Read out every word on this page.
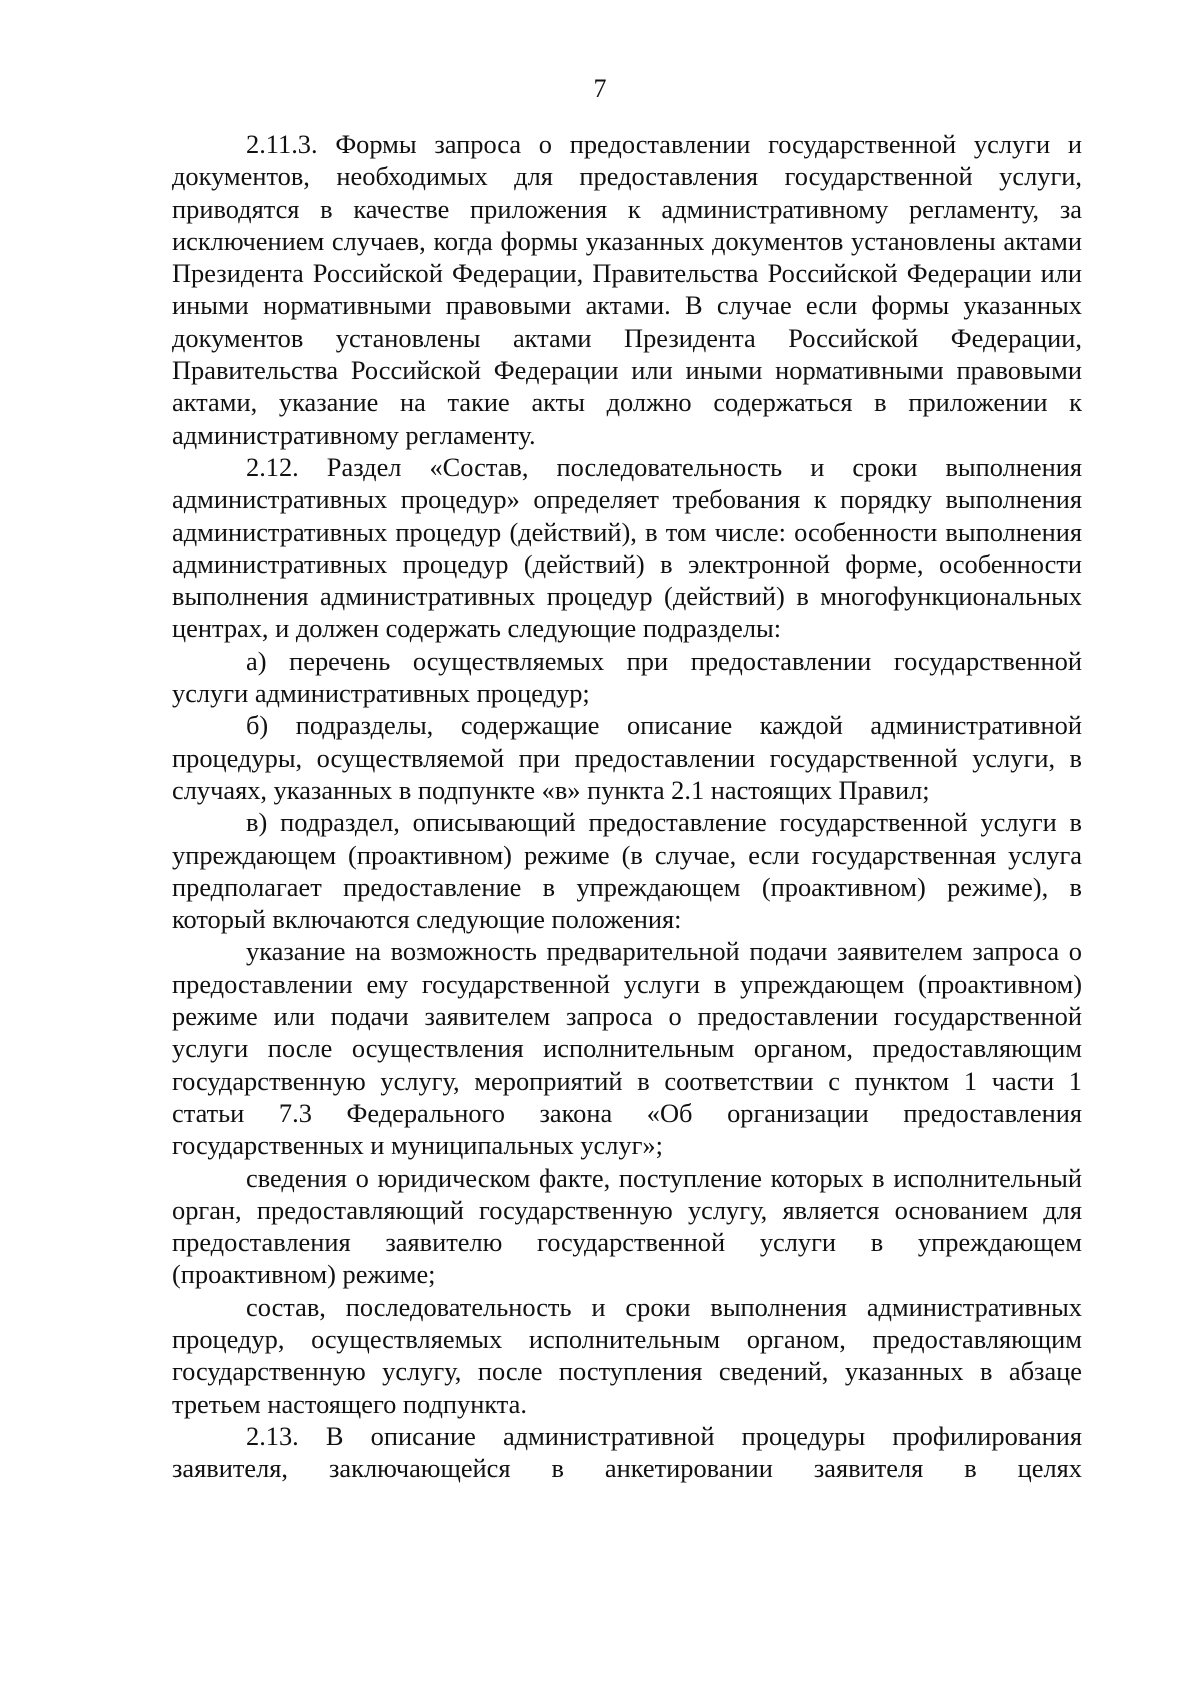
7

2.11.3. Формы запроса о предоставлении государственной услуги и документов, необходимых для предоставления государственной услуги, приводятся в качестве приложения к административному регламенту, за исключением случаев, когда формы указанных документов установлены актами Президента Российской Федерации, Правительства Российской Федерации или иными нормативными правовыми актами. В случае если формы указанных документов установлены актами Президента Российской Федерации, Правительства Российской Федерации или иными нормативными правовыми актами, указание на такие акты должно содержаться в приложении к административному регламенту.

2.12. Раздел «Состав, последовательность и сроки выполнения административных процедур» определяет требования к порядку выполнения административных процедур (действий), в том числе: особенности выполнения административных процедур (действий) в электронной форме, особенности выполнения административных процедур (действий) в многофункциональных центрах, и должен содержать следующие подразделы:

а) перечень осуществляемых при предоставлении государственной услуги административных процедур;

б) подразделы, содержащие описание каждой административной процедуры, осуществляемой при предоставлении государственной услуги, в случаях, указанных в подпункте «в» пункта 2.1 настоящих Правил;

в) подраздел, описывающий предоставление государственной услуги в упреждающем (проактивном) режиме (в случае, если государственная услуга предполагает предоставление в упреждающем (проактивном) режиме), в который включаются следующие положения:

указание на возможность предварительной подачи заявителем запроса о предоставлении ему государственной услуги в упреждающем (проактивном) режиме или подачи заявителем запроса о предоставлении государственной услуги после осуществления исполнительным органом, предоставляющим государственную услугу, мероприятий в соответствии с пунктом 1 части 1 статьи 7.3 Федерального закона «Об организации предоставления государственных и муниципальных услуг»;

сведения о юридическом факте, поступление которых в исполнительный орган, предоставляющий государственную услугу, является основанием для предоставления заявителю государственной услуги в упреждающем (проактивном) режиме;

состав, последовательность и сроки выполнения административных процедур, осуществляемых исполнительным органом, предоставляющим государственную услугу, после поступления сведений, указанных в абзаце третьем настоящего подпункта.

2.13. В описание административной процедуры профилирования заявителя, заключающейся в анкетировании заявителя в целях
